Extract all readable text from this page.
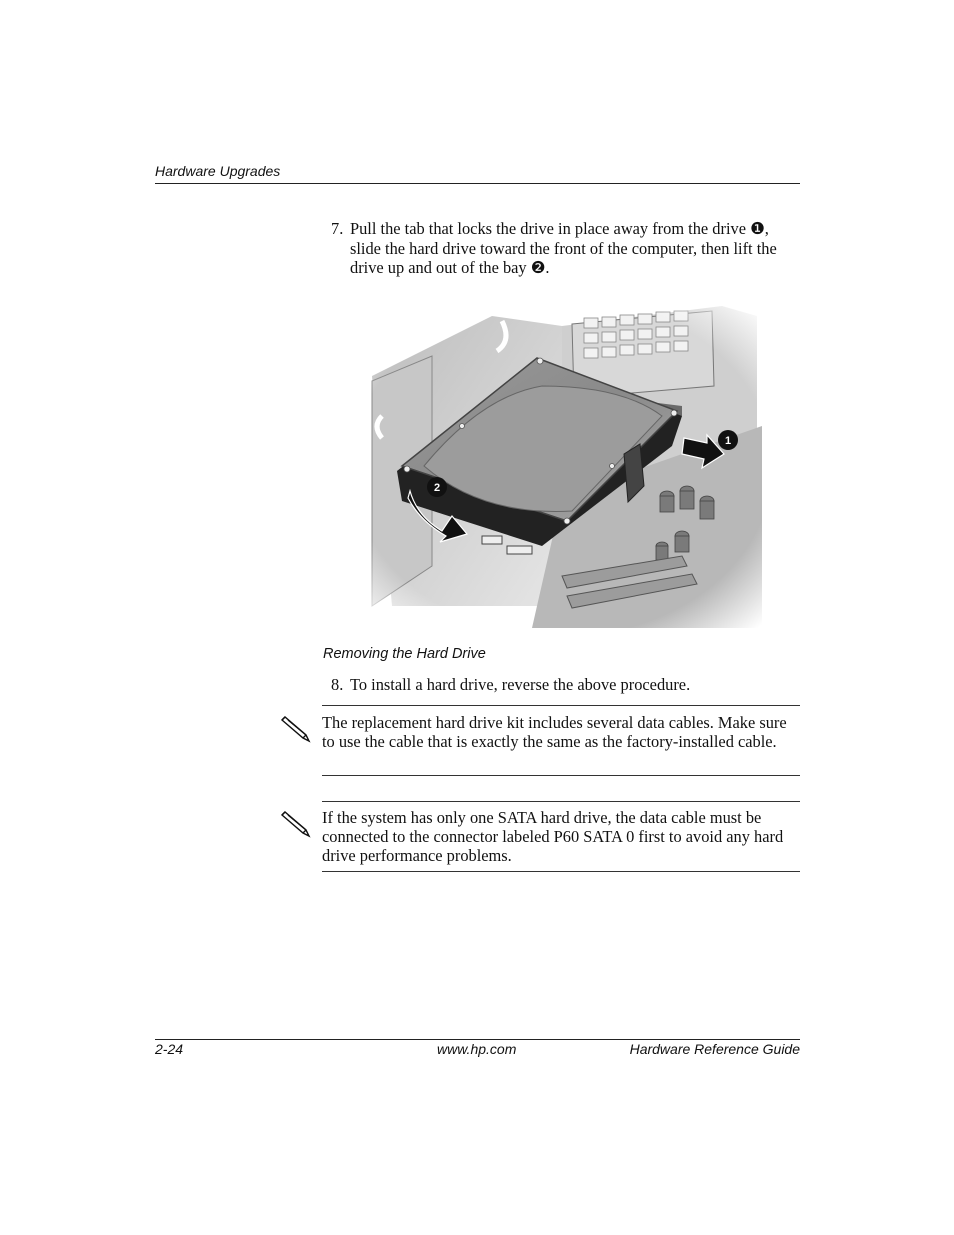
Hardware Upgrades
7. Pull the tab that locks the drive in place away from the drive ❶, slide the hard drive toward the front of the computer, then lift the drive up and out of the bay ❷.
Removing the Hard Drive
8. To install a hard drive, reverse the above procedure.
The replacement hard drive kit includes several data cables. Make sure to use the cable that is exactly the same as the factory-installed cable.
If the system has only one SATA hard drive, the data cable must be connected to the connector labeled P60 SATA 0 first to avoid any hard drive performance problems.
2-24	www.hp.com	Hardware Reference Guide
